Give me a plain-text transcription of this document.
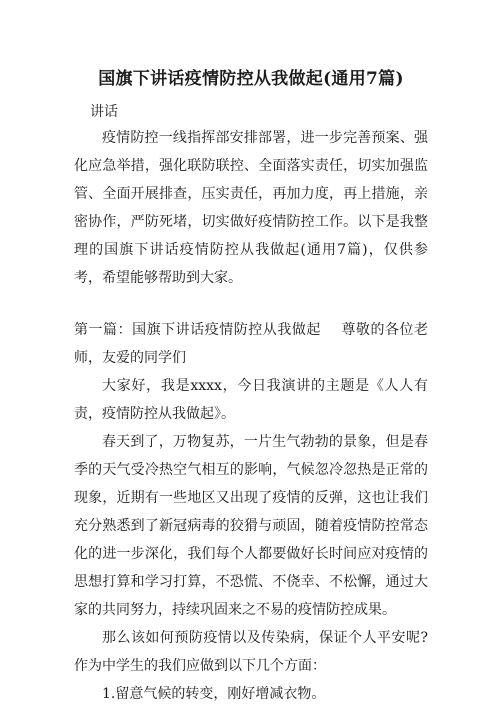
国旗下讲话疫情防控从我做起(通用7篇)

讲话

疫情防控一线指挥部安排部署，进一步完善预案、强化应急举措，强化联防联控、全面落实责任，切实加强监管、全面开展排查，压实责任，再加力度，再上措施，亲密协作，严防死堵，切实做好疫情防控工作。以下是我整理的国旗下讲话疫情防控从我做起(通用7篇)，仅供参考，希望能够帮助到大家。

第一篇：国旗下讲话疫情防控从我做起 尊敬的各位老师，友爱的同学们

大家好，我是xxxx，今日我演讲的主题是《人人有责，疫情防控从我做起》。

春天到了，万物复苏，一片生气勃勃的景象，但是春季的天气受冷热空气相互的影响，气候忽冷忽热是正常的现象，近期有一些地区又出现了疫情的反弹，这也让我们充分熟悉到了新冠病毒的狡猾与顽固，随着疫情防控常态化的进一步深化，我们每个人都要做好长时间应对疫情的思想打算和学习打算，不恐慌、不侥幸、不松懈，通过大家的共同努力，持续巩固来之不易的疫情防控成果。

那么该如何预防疫情以及传染病，保证个人平安呢?作为中学生的我们应做到以下几个方面：

1.留意气候的转变，刚好增减衣物。
